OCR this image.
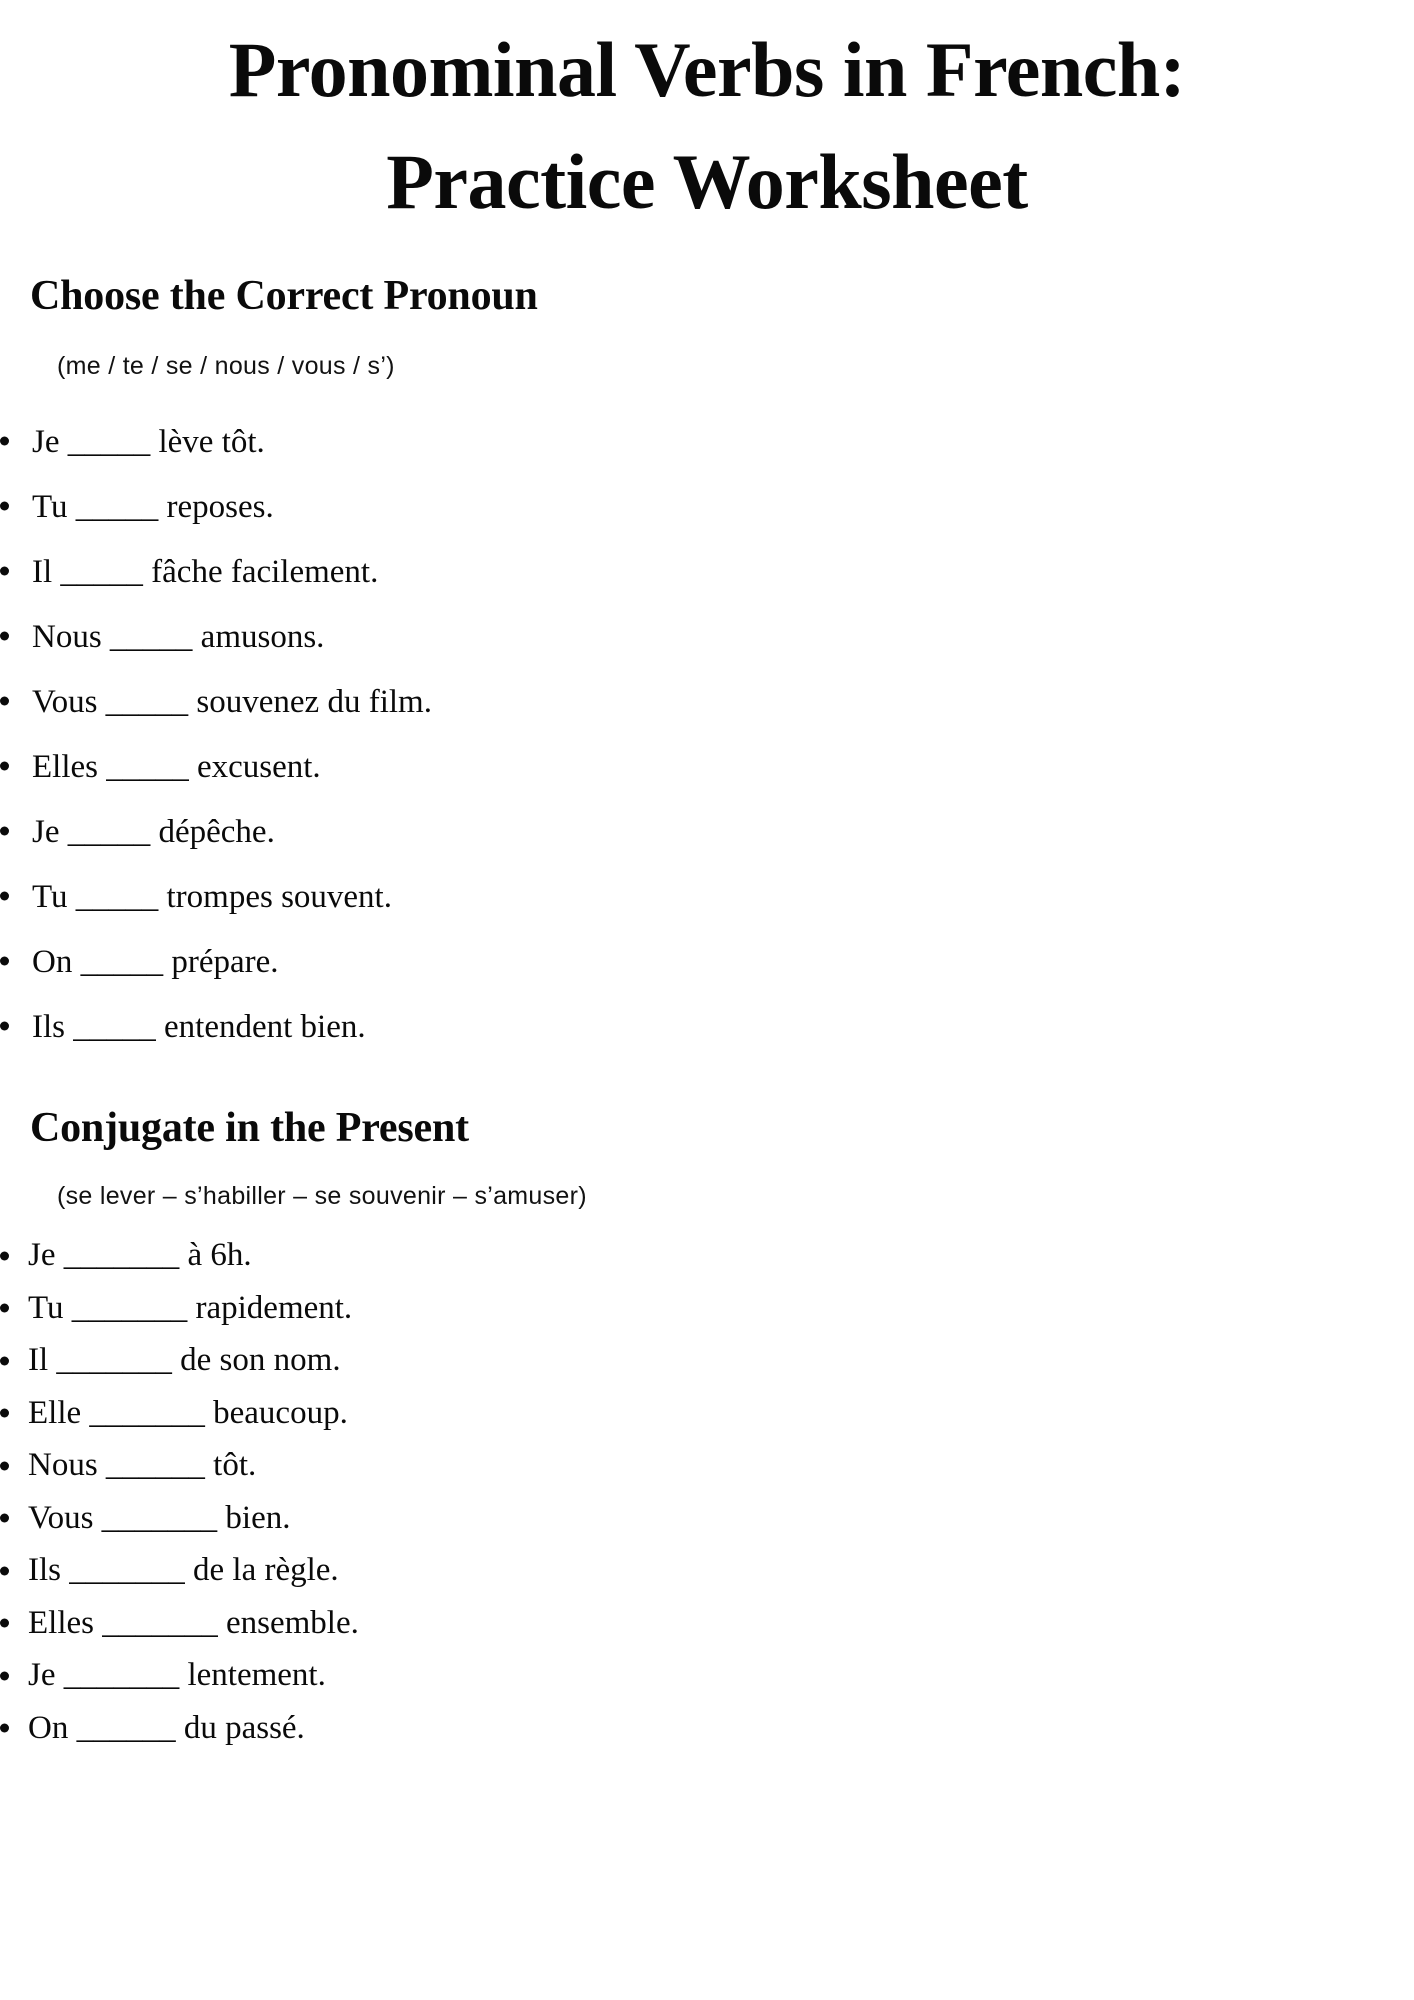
Pronominal Verbs in French:
Practice Worksheet
Choose the Correct Pronoun
(me / te / se / nous / vous / s’)
Je _____ lève tôt.
Tu _____ reposes.
Il _____ fâche facilement.
Nous _____ amusons.
Vous _____ souvenez du film.
Elles _____ excusent.
Je _____ dépêche.
Tu _____ trompes souvent.
On _____ prépare.
Ils _____ entendent bien.
Conjugate in the Present
(se lever – s’habiller – se souvenir – s’amuser)
Je _______ à 6h.
Tu _______ rapidement.
Il _______ de son nom.
Elle _______ beaucoup.
Nous ______ tôt.
Vous _______ bien.
Ils _______ de la règle.
Elles _______ ensemble.
Je _______ lentement.
On ______ du passé.
